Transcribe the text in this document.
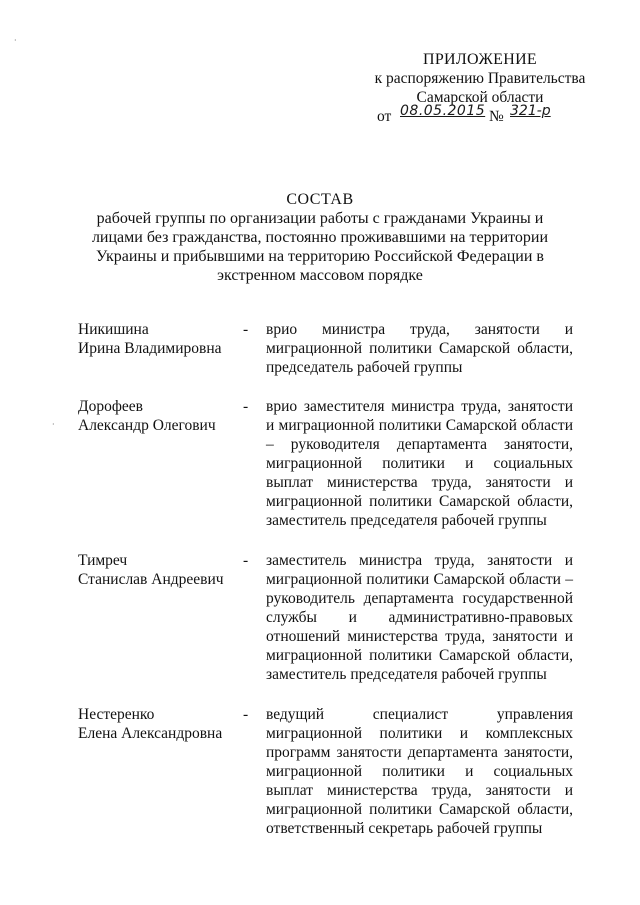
·
·
ПРИЛОЖЕНИЕ
к распоряжению Правительства
Самарской области
от 08.05.2015 № 321-р
СОСТАВ
рабочей группы по организации работы с гражданами Украины и лицами без гражданства, постоянно проживавшими на территории Украины и прибывшими на территорию Российской Федерации в экстренном массовом порядке
Никишина
Ирина Владимировна
-	врио министра труда, занятости и миграционной политики Самарской области, председатель рабочей группы
Дорофеев
Александр Олегович
-	врио заместителя министра труда, занятости и миграционной политики Самарской области – руководителя департамента занятости, миграционной политики и социальных выплат министерства труда, занятости и миграционной политики Самарской области, заместитель председателя рабочей группы
Тимреч
Станислав Андреевич
-	заместитель министра труда, занятости и миграционной политики Самарской области – руководитель департамента государственной службы и административно-правовых отношений министерства труда, занятости и миграционной политики Самарской области, заместитель председателя рабочей группы
Нестеренко
Елена Александровна
-	ведущий специалист управления миграционной политики и комплексных программ занятости департамента занятости, миграционной политики и социальных выплат министерства труда, занятости и миграционной политики Самарской области, ответственный секретарь рабочей группы
